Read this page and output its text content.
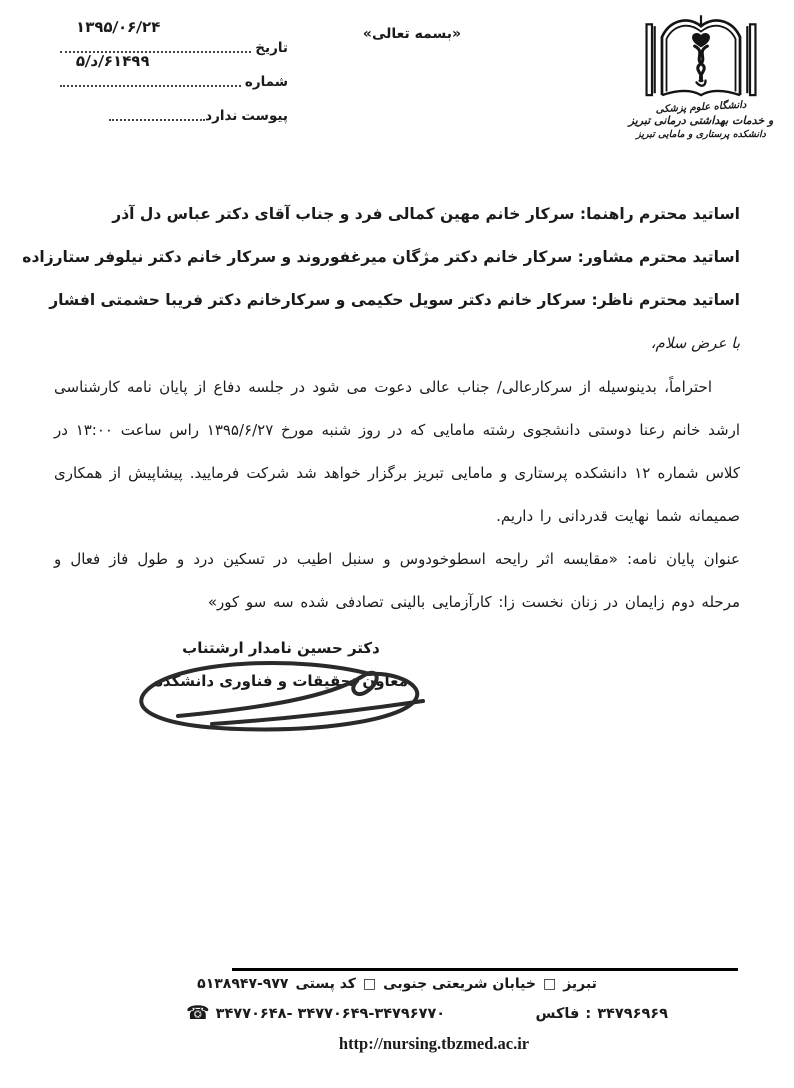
تاریخ
۱۳۹۵/۰۶/۲۴
شماره
۵/د/۶۱۴۹۹
پیوست
ندارد
«بسمه تعالی»
دانشگاه علوم پزشکی
و خدمات بهداشتی درمانی تبریز
دانشکده پرستاری و مامایی تبریز
اساتید محترم راهنما: سرکار خانم مهین کمالی فرد و جناب آقای دکتر عباس دل آذر
اساتید محترم مشاور: سرکار خانم دکتر مژگان میرغفوروند و سرکار خانم دکتر نیلوفر ستارزاده
اساتید محترم ناظر: سرکار خانم دکتر سویل حکیمی و سرکارخانم دکتر فریبا حشمتی افشار
با عرض سلام،

احتراماً، بدینوسیله از سرکارعالی/ جناب عالی دعوت می شود در جلسه دفاع از پایان نامه کارشناسی ارشد خانم رعنا دوستی دانشجوی رشته مامایی که در روز شنبه مورخ ۱۳۹۵/۶/۲۷ راس ساعت ۱۳:۰۰ در کلاس شماره ۱۲ دانشکده پرستاری و مامایی تبریز برگزار خواهد شد شرکت فرمایید. پیشاپیش از همکاری صمیمانه شما نهایت قدردانی را داریم.

عنوان پایان نامه: «مقایسه اثر رایحه اسطوخودوس و سنبل اطیب در تسکین درد و طول فاز فعال و مرحله دوم زایمان در زنان نخست زا: کارآزمایی بالینی تصادفی شده سه سو کور»

دکتر حسین نامدار ارشتناب
معاون تحقیقات و فناوری دانشکده
تبریز
□
خیابان شریعتی جنوبی
□
کد پستی
۵۱۳۸۹۴۷-۹۷۷
☎ ۳۴۷۷۰۶۴۸- ۳۴۷۷۰۶۴۹-۳۴۷۹۶۷۷۰	فاکس : ۳۴۷۹۶۹۶۹
http://nursing.tbzmed.ac.ir
